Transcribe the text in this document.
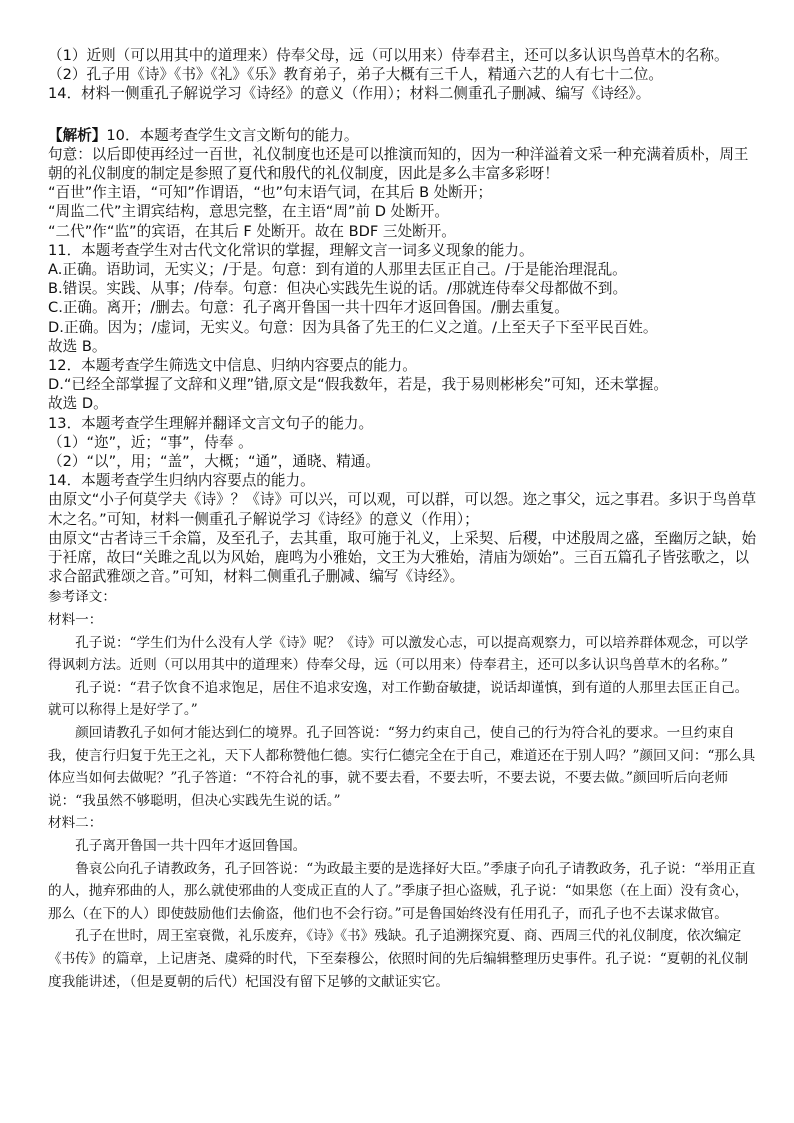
（1）近则（可以用其中的道理来）侍奉父母，远（可以用来）侍奉君主，还可以多认识鸟兽草木的名称。

（2）孔子用《诗》《书》《礼》《乐》教育弟子，弟子大概有三千人，精通六艺的人有七十二位。

14．材料一侧重孔子解说学习《诗经》的意义（作用）；材料二侧重孔子删减、编写《诗经》。

【解析】10．本题考查学生文言文断句的能力。

句意：以后即使再经过一百世，礼仪制度也还是可以推演而知的，因为一种洋溢着文采一种充满着质朴，周王朝的礼仪制度的制定是参照了夏代和殷代的礼仪制度，因此是多么丰富多彩呀！

“百世”作主语，“可知”作谓语，“也”句末语气词，在其后 B 处断开；

“周监二代”主谓宾结构，意思完整，在主语“周”前 D 处断开。

“二代”作“监”的宾语，在其后 F 处断开。故在 BDF 三处断开。

11．本题考查学生对古代文化常识的掌握，理解文言一词多义现象的能力。

A.正确。语助词，无实义；/于是。句意：到有道的人那里去匡正自己。/于是能治理混乱。

B.错误。实践、从事；/侍奉。句意：但决心实践先生说的话。/那就连侍奉父母都做不到。

C.正确。离开；/删去。句意：孔子离开鲁国一共十四年才返回鲁国。/删去重复。

D.正确。因为；/虚词，无实义。句意：因为具备了先王的仁义之道。/上至天子下至平民百姓。

故选 B。

12．本题考查学生筛选文中信息、归纳内容要点的能力。

D.“已经全部掌握了文辞和义理”错,原文是“假我数年，若是，我于易则彬彬矣”可知，还未掌握。

故选 D。

13．本题考查学生理解并翻译文言文句子的能力。

（1）“迩”，近；“事”，侍奉 。

（2）“以”，用；“盖”，大概；“通”，通晓、精通。

14．本题考查学生归纳内容要点的能力。

由原文“小子何莫学夫《诗》？《诗》可以兴，可以观，可以群，可以怨。迩之事父，远之事君。多识于鸟兽草木之名。”可知，材料一侧重孔子解说学习《诗经》的意义（作用）；

由原文“古者诗三千余篇，及至孔子，去其重，取可施于礼义，上采契、后稷，中述殷周之盛，至幽厉之缺，始于衽席，故曰“关雎之乱以为风始，鹿鸣为小雅始，文王为大雅始，清庙为颂始”。三百五篇孔子皆弦歌之，以求合韶武雅颂之音。”可知，材料二侧重孔子删减、编写《诗经》。

参考译文：

材料一：

孔子说：“学生们为什么没有人学《诗》呢？《诗》可以激发心志，可以提高观察力，可以培养群体观念，可以学得讽刺方法。近则（可以用其中的道理来）侍奉父母，远（可以用来）侍奉君主，还可以多认识鸟兽草木的名称。”

孔子说：“君子饮食不追求饱足，居住不追求安逸，对工作勤奋敏捷，说话却谨慎，到有道的人那里去匡正自己。就可以称得上是好学了。”

颜回请教孔子如何才能达到仁的境界。孔子回答说：“努力约束自己，使自己的行为符合礼的要求。一旦约束自我，使言行归复于先王之礼，天下人都称赞他仁德。实行仁德完全在于自己，难道还在于别人吗？”颜回又问：“那么具体应当如何去做呢？”孔子答道：“不符合礼的事，就不要去看，不要去听，不要去说，不要去做。”颜回听后向老师说：“我虽然不够聪明，但决心实践先生说的话。”

材料二：

孔子离开鲁国一共十四年才返回鲁国。

鲁哀公向孔子请教政务，孔子回答说：“为政最主要的是选择好大臣。”季康子向孔子请教政务，孔子说：“举用正直的人，抛弃邪曲的人，那么就使邪曲的人变成正直的人了。”季康子担心盗贼，孔子说：“如果您（在上面）没有贪心，那么（在下的人）即使鼓励他们去偷盗，他们也不会行窃。”可是鲁国始终没有任用孔子，而孔子也不去谋求做官。

孔子在世时，周王室衰微，礼乐废弃，《诗》《书》残缺。孔子追溯探究夏、商、西周三代的礼仪制度，依次编定《书传》的篇章，上记唐尧、虞舜的时代，下至秦穆公，依照时间的先后编辑整理历史事件。孔子说：“夏朝的礼仪制度我能讲述，（但是夏朝的后代）杞国没有留下足够的文献证实它。
